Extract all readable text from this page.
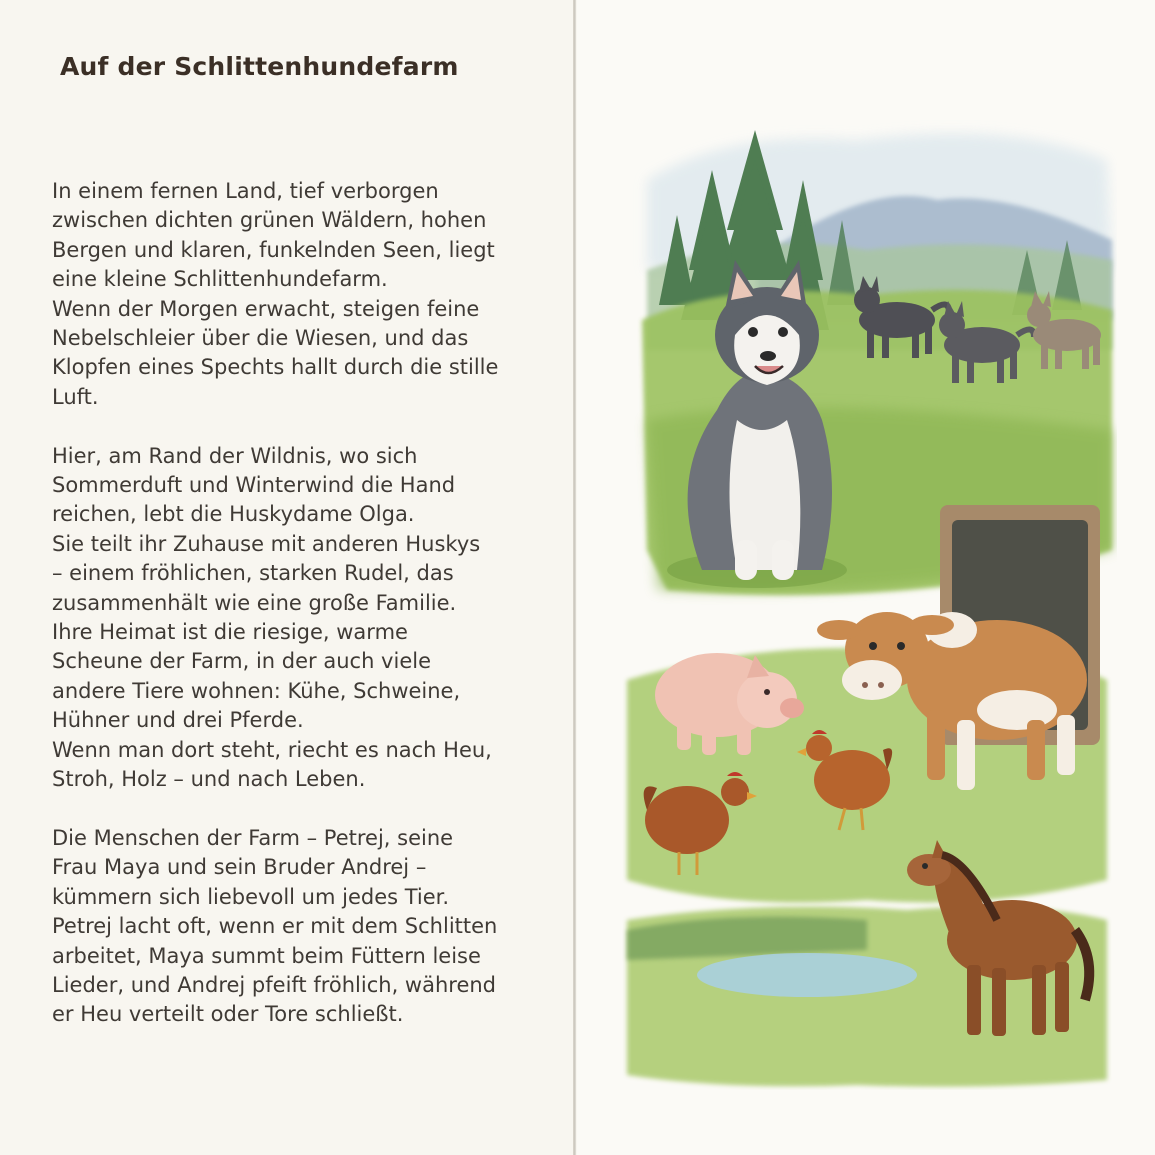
Auf der Schlittenhundefarm

In einem fernen Land, tief verborgen
zwischen dichten grünen Wäldern, hohen
Bergen und klaren, funkelnden Seen, liegt
eine kleine Schlittenhundefarm.
Wenn der Morgen erwacht, steigen feine
Nebelschleier über die Wiesen, und das
Klopfen eines Spechts hallt durch die stille
Luft.

Hier, am Rand der Wildnis, wo sich
Sommerduft und Winterwind die Hand
reichen, lebt die Huskydame Olga.
Sie teilt ihr Zuhause mit anderen Huskys
– einem fröhlichen, starken Rudel, das
zusammenhält wie eine große Familie.
Ihre Heimat ist die riesige, warme
Scheune der Farm, in der auch viele
andere Tiere wohnen: Kühe, Schweine,
Hühner und drei Pferde.
Wenn man dort steht, riecht es nach Heu,
Stroh, Holz – und nach Leben.

Die Menschen der Farm – Petrej, seine
Frau Maya und sein Bruder Andrej –
kümmern sich liebevoll um jedes Tier.
Petrej lacht oft, wenn er mit dem Schlitten
arbeitet, Maya summt beim Füttern leise
Lieder, und Andrej pfeift fröhlich, während
er Heu verteilt oder Tore schließt.
